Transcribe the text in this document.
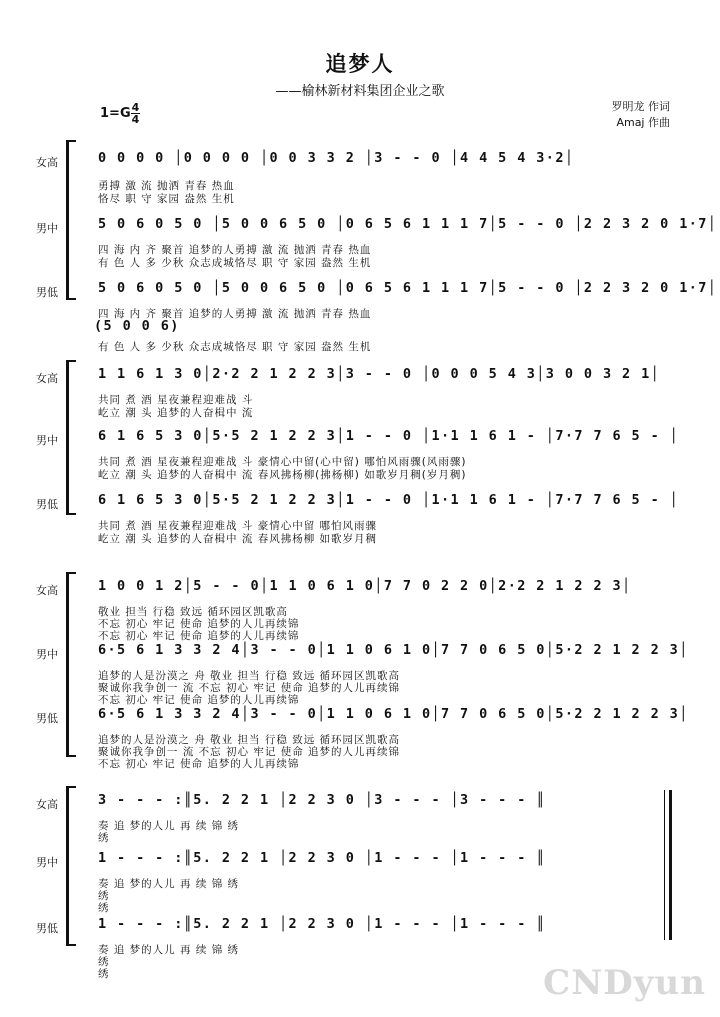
追梦人
——榆林新材料集团企业之歌
罗明龙 作词
Amaj 作曲
1=G 4
4
女高	0 0 0 0 │0 0 0 0 │0 0 3 3 2 │3 - - 0 │4 4 5 4 3·2│
勇搏 激 流 抛洒 青春 热血
恪尽 职 守 家园 盎然 生机
男中	5 0 6 0 5 0 │5 0 0 6 5 0 │0 6 5 6 1 1 1 7│5 - - 0 │2 2 3 2 0 1·7│
四 海 内 齐 聚首 追梦的人勇搏 激 流 抛洒 青春 热血
有 色 人 多 少秋 众志成城恪尽 职 守 家园 盎然 生机
男低	5 0 6 0 5 0 │5 0 0 6 5 0 │0 6 5 6 1 1 1 7│5 - - 0 │2 2 3 2 0 1·7│
四 海 内 齐 聚首 追梦的人勇搏 激 流 抛洒 青春 热血
(5 0 0 6)
有 色 人 多 少秋 众志成城恪尽 职 守 家园 盎然 生机
女高	1 1 6 1 3 0│2·2 2 1 2 2 3│3 - - 0 │0 0 0 5 4 3│3 0 0 3 2 1│
共同 煮 酒 星夜兼程迎难战 斗
屹立 潮 头 追梦的人奋楫中 流
男中	6 1 6 5 3 0│5·5 2 1 2 2 3│1 - - 0 │1·1 1 6 1 - │7·7 7 6 5 - │
共同 煮 酒 星夜兼程迎难战 斗 豪情心中留(心中留) 哪怕风雨骤(风雨骤)
屹立 潮 头 追梦的人奋楫中 流 春风拂杨柳(拂杨柳) 如歌岁月稠(岁月稠)
男低	6 1 6 5 3 0│5·5 2 1 2 2 3│1 - - 0 │1·1 1 6 1 - │7·7 7 6 5 - │
共同 煮 酒 星夜兼程迎难战 斗 豪情心中留 哪怕风雨骤
屹立 潮 头 追梦的人奋楫中 流 春风拂杨柳 如歌岁月稠
女高	1 0 0 1 2│5 - - 0│1 1 0 6 1 0│7 7 0 2 2 0│2·2 2 1 2 2 3│
敬业 担当 行稳 致远 循环园区凯歌高
不忘 初心 牢记 使命 追梦的人儿再续锦
不忘 初心 牢记 使命 追梦的人儿再续锦
男中	6·5 6 1 3 3 2 4│3 - - 0│1 1 0 6 1 0│7 7 0 6 5 0│5·2 2 1 2 2 3│
追梦的人是汾漠之 舟 敬业 担当 行稳 致远 循环园区凯歌高
聚诚你我争创一 流 不忘 初心 牢记 使命 追梦的人儿再续锦
不忘 初心 牢记 使命 追梦的人儿再续锦
男低	6·5 6 1 3 3 2 4│3 - - 0│1 1 0 6 1 0│7 7 0 6 5 0│5·2 2 1 2 2 3│
追梦的人是汾漠之 舟 敬业 担当 行稳 致远 循环园区凯歌高
聚诚你我争创一 流 不忘 初心 牢记 使命 追梦的人儿再续锦
不忘 初心 牢记 使命 追梦的人儿再续锦
女高	3 - - - :║5. 2 2 1 │2 2 3 0 │3 - - - │3 - - - ║
奏 追 梦的人儿 再 续 锦 绣
绣
男中	1 - - - :║5. 2 2 1 │2 2 3 0 │1 - - - │1 - - - ║
奏 追 梦的人儿 再 续 锦 绣
绣
绣
男低	1 - - - :║5. 2 2 1 │2 2 3 0 │1 - - - │1 - - - ║
奏 追 梦的人儿 再 续 锦 绣
绣
绣	CNDyun
